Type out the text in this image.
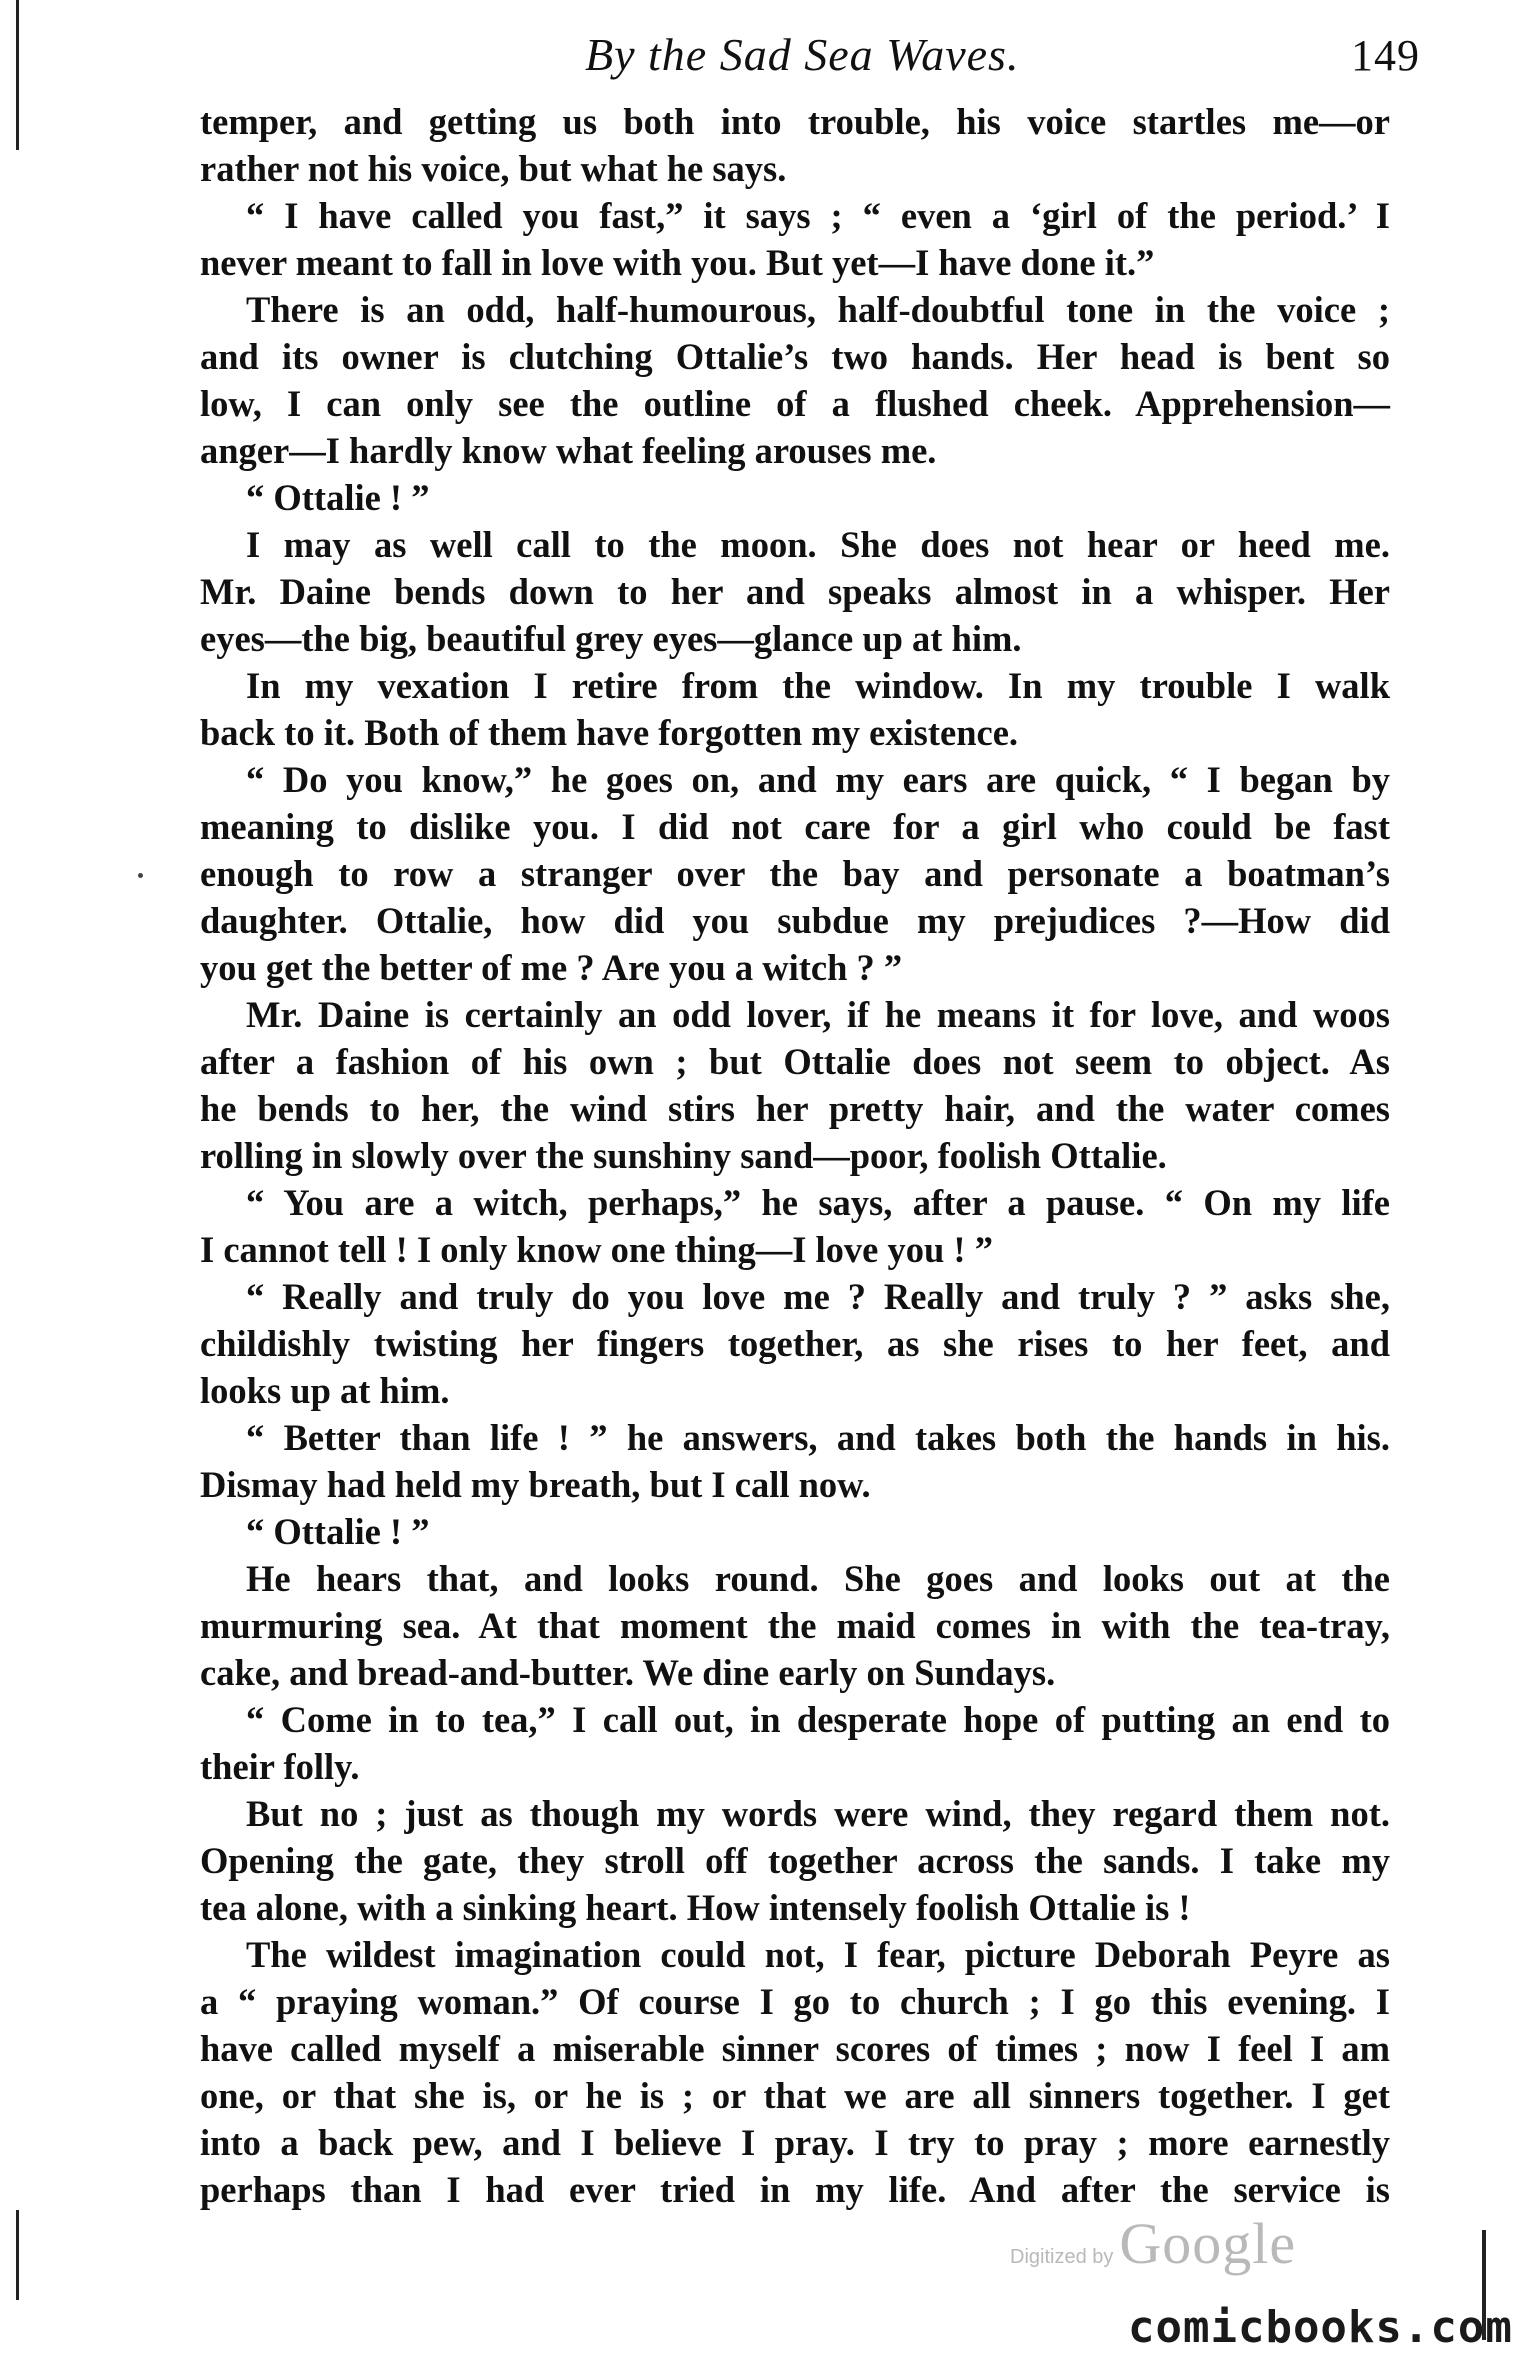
By the Sad Sea Waves.	149
temper, and getting us both into trouble, his voice startles me—or
rather not his voice, but what he says.
“ I have called you fast,” it says ; “ even a ‘girl of the period.’ I
never meant to fall in love with you. But yet—I have done it.”
There is an odd, half-humourous, half-doubtful tone in the voice ;
and its owner is clutching Ottalie’s two hands. Her head is bent so
low, I can only see the outline of a flushed cheek. Apprehension—
anger—I hardly know what feeling arouses me.
“ Ottalie ! ”
I may as well call to the moon. She does not hear or heed me.
Mr. Daine bends down to her and speaks almost in a whisper. Her
eyes—the big, beautiful grey eyes—glance up at him.
In my vexation I retire from the window. In my trouble I walk
back to it. Both of them have forgotten my existence.
“ Do you know,” he goes on, and my ears are quick, “ I began by
meaning to dislike you. I did not care for a girl who could be fast
enough to row a stranger over the bay and personate a boatman’s
daughter. Ottalie, how did you subdue my prejudices ?—How did
you get the better of me ? Are you a witch ? ”
Mr. Daine is certainly an odd lover, if he means it for love, and woos
after a fashion of his own ; but Ottalie does not seem to object. As
he bends to her, the wind stirs her pretty hair, and the water comes
rolling in slowly over the sunshiny sand—poor, foolish Ottalie.
“ You are a witch, perhaps,” he says, after a pause. “ On my life
I cannot tell ! I only know one thing—I love you ! ”
“ Really and truly do you love me ? Really and truly ? ” asks she,
childishly twisting her fingers together, as she rises to her feet, and
looks up at him.
“ Better than life ! ” he answers, and takes both the hands in his.
Dismay had held my breath, but I call now.
“ Ottalie ! ”
He hears that, and looks round. She goes and looks out at the
murmuring sea. At that moment the maid comes in with the tea-tray,
cake, and bread-and-butter. We dine early on Sundays.
“ Come in to tea,” I call out, in desperate hope of putting an end to
their folly.
But no ; just as though my words were wind, they regard them not.
Opening the gate, they stroll off together across the sands. I take my
tea alone, with a sinking heart. How intensely foolish Ottalie is !
The wildest imagination could not, I fear, picture Deborah Peyre as
a “ praying woman.” Of course I go to church ; I go this evening. I
have called myself a miserable sinner scores of times ; now I feel I am
one, or that she is, or he is ; or that we are all sinners together. I get
into a back pew, and I believe I pray. I try to pray ; more earnestly
perhaps than I had ever tried in my life. And after the service is
Digitized by Google
comicbooks.com
